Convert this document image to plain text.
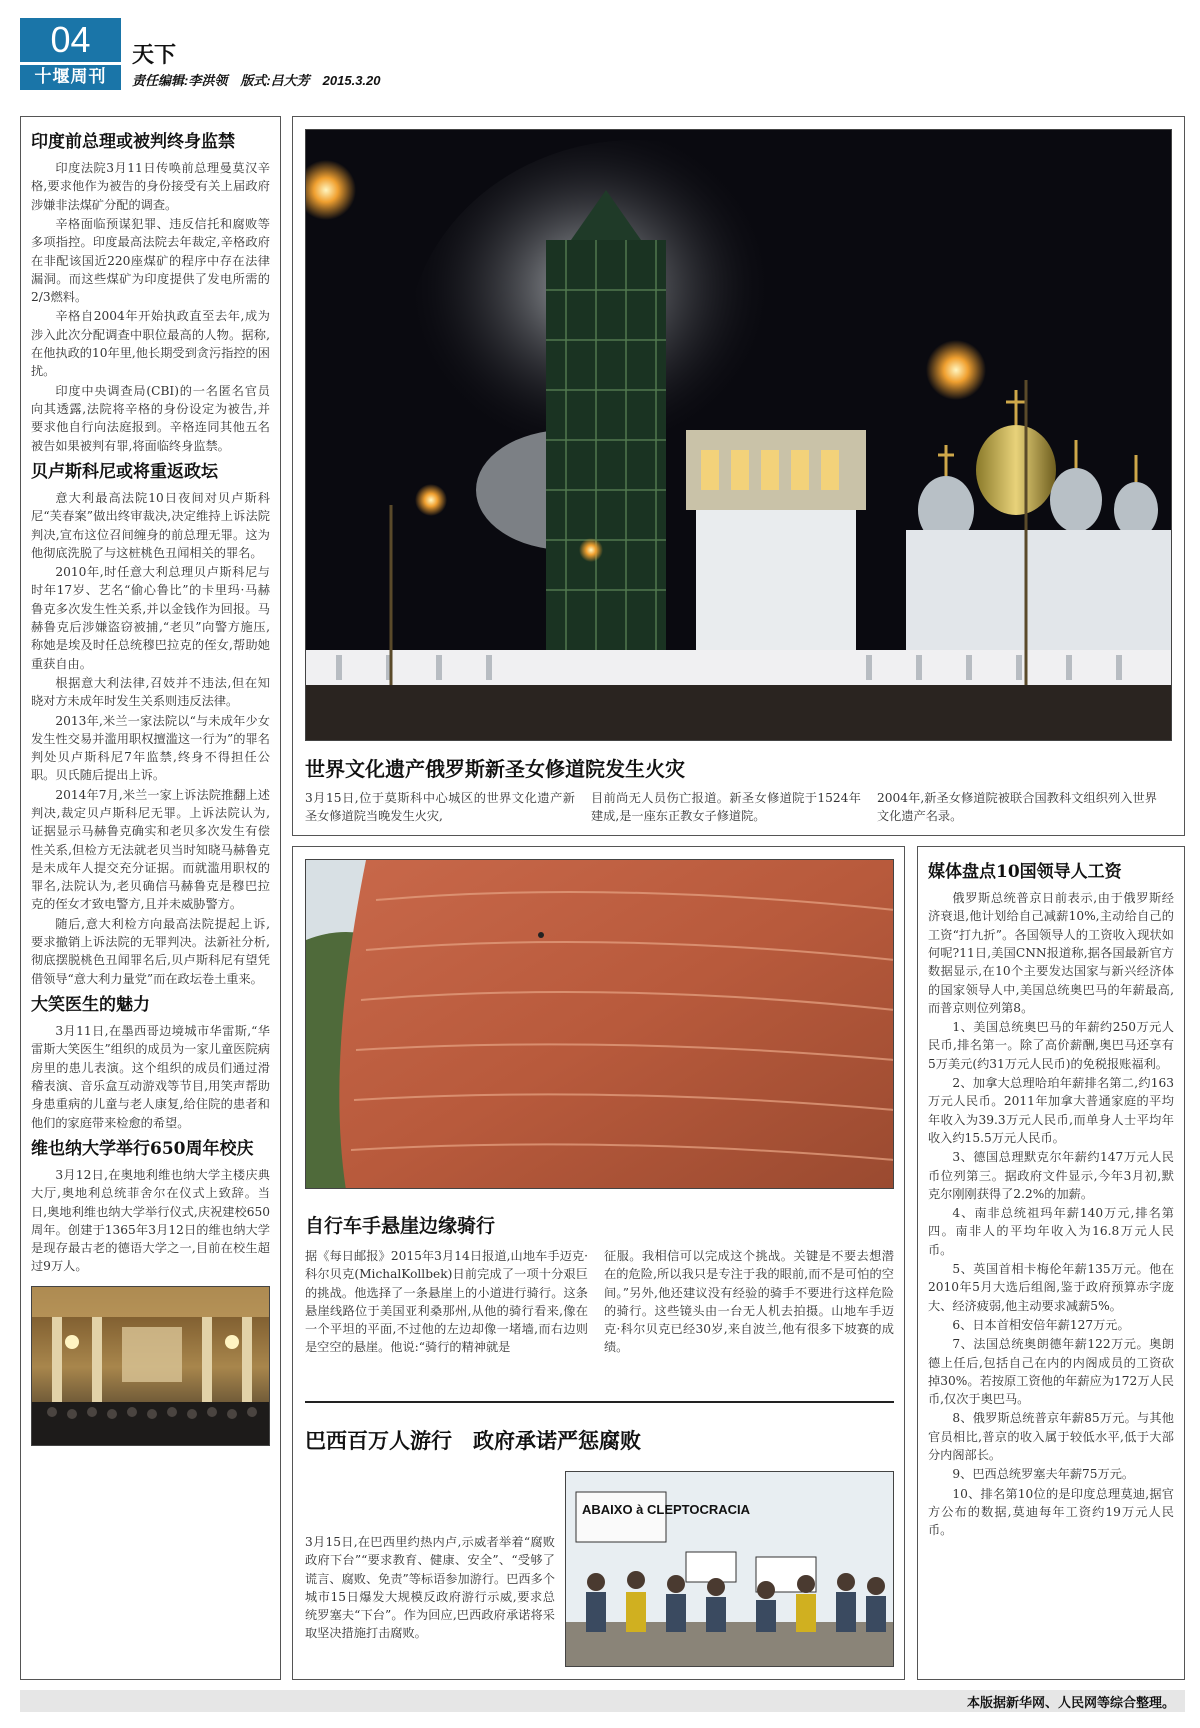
04
十堰周刊
天下
责任编辑:李洪领　版式:吕大芳　2015.3.20
印度前总理或被判终身监禁

印度法院3月11日传唤前总理曼莫汉辛格,要求他作为被告的身份接受有关上届政府涉嫌非法煤矿分配的调查。

辛格面临预谋犯罪、违反信托和腐败等多项指控。印度最高法院去年裁定,辛格政府在非配该国近220座煤矿的程序中存在法律漏洞。而这些煤矿为印度提供了发电所需的2/3燃料。

辛格自2004年开始执政直至去年,成为涉入此次分配调查中职位最高的人物。据称,在他执政的10年里,他长期受到贪污指控的困扰。

印度中央调查局(CBI)的一名匿名官员向其透露,法院将辛格的身份设定为被告,并要求他自行向法庭报到。辛格连同其他五名被告如果被判有罪,将面临终身监禁。

贝卢斯科尼或将重返政坛

意大利最高法院10日夜间对贝卢斯科尼“芙春案”做出终审裁决,决定维持上诉法院判决,宣布这位召间缠身的前总理无罪。这为他彻底洗脱了与这桩桃色丑闻相关的罪名。

2010年,时任意大利总理贝卢斯科尼与时年17岁、艺名“偷心鲁比”的卡里玛·马赫鲁克多次发生性关系,并以金钱作为回报。马赫鲁克后涉嫌盗窃被捕,“老贝”向警方施压,称她是埃及时任总统穆巴拉克的侄女,帮助她重获自由。

根据意大利法律,召妓并不违法,但在知晓对方未成年时发生关系则违反法律。

2013年,米兰一家法院以“与未成年少女发生性交易并滥用职权擅滥这一行为”的罪名判处贝卢斯科尼7年监禁,终身不得担任公职。贝氏随后提出上诉。

2014年7月,米兰一家上诉法院推翻上述判决,裁定贝卢斯科尼无罪。上诉法院认为,证据显示马赫鲁克确实和老贝多次发生有偿性关系,但检方无法就老贝当时知晓马赫鲁克是未成年人提交充分证据。而就滥用职权的罪名,法院认为,老贝确信马赫鲁克是穆巴拉克的侄女才致电警方,且并未威胁警方。

随后,意大利检方向最高法院提起上诉,要求撤销上诉法院的无罪判决。法新社分析,彻底摆脱桃色丑闻罪名后,贝卢斯科尼有望凭借领导“意大利力量党”而在政坛卷土重来。

大笑医生的魅力

3月11日,在墨西哥边境城市华雷斯,“华雷斯大笑医生”组织的成员为一家儿童医院病房里的患儿表演。这个组织的成员们通过滑稽表演、音乐盒互动游戏等节目,用笑声帮助身患重病的儿童与老人康复,给住院的患者和他们的家庭带来检愈的希望。

维也纳大学举行650周年校庆

3月12日,在奥地利维也纳大学主楼庆典大厅,奥地利总统菲舍尔在仪式上致辞。当日,奥地利维也纳大学举行仪式,庆祝建校650周年。创建于1365年3月12日的维也纳大学是现存最古老的德语大学之一,目前在校生超过9万人。

世界文化遗产俄罗斯新圣女修道院发生火灾
3月15日,位于莫斯科中心城区的世界文化遗产新圣女修道院当晚发生火灾,
目前尚无人员伤亡报道。新圣女修道院于1524年建成,是一座东正教女子修道院。
2004年,新圣女修道院被联合国教科文组织列入世界文化遗产名录。
自行车手悬崖边缘骑行
据《每日邮报》2015年3月14日报道,山地车手迈克·科尔贝克(MichalKollbek)日前完成了一项十分艰巨的挑战。他选择了一条悬崖上的小道进行骑行。这条悬崖线路位于美国亚利桑那州,从他的骑行看来,像在一个平坦的平面,不过他的左边却像一堵墙,而右边则是空空的悬崖。他说:“骑行的精神就是
征服。我相信可以完成这个挑战。关键是不要去想潜在的危险,所以我只是专注于我的眼前,而不是可怕的空间。”另外,他还建议没有经验的骑手不要进行这样危险的骑行。这些镜头由一台无人机去拍摄。山地车手迈克·科尔贝克已经30岁,来自波兰,他有很多下坡赛的成绩。
巴西百万人游行　政府承诺严惩腐败
3月15日,在巴西里约热内卢,示威者举着“腐败政府下台”“要求教育、健康、安全”、“受够了谎言、腐败、免责”等标语参加游行。巴西多个城市15日爆发大规模反政府游行示威,要求总统罗塞夫“下台”。作为回应,巴西政府承诺将采取坚决措施打击腐败。
ABAIXO à CLEPTOCRACIA
媒体盘点10国领导人工资

俄罗斯总统普京日前表示,由于俄罗斯经济衰退,他计划给自己减薪10%,主动给自己的工资“打九折”。各国领导人的工资收入现状如何呢?11日,美国CNN报道称,据各国最新官方数据显示,在10个主要发达国家与新兴经济体的国家领导人中,美国总统奥巴马的年薪最高,而普京则位列第8。

1、美国总统奥巴马的年薪约250万元人民币,排名第一。除了高价薪酬,奥巴马还享有5万美元(约31万元人民币)的免税报账福利。

2、加拿大总理哈珀年薪排名第二,约163万元人民币。2011年加拿大普通家庭的平均年收入为39.3万元人民币,而单身人士平均年收入约15.5万元人民币。

3、德国总理默克尔年薪约147万元人民币位列第三。据政府文件显示,今年3月初,默克尔刚刚获得了2.2%的加薪。

4、南非总统祖玛年薪140万元,排名第四。南非人的平均年收入为16.8万元人民币。

5、英国首相卡梅伦年薪135万元。他在2010年5月大选后组阁,鉴于政府预算赤字庞大、经济疲弱,他主动要求减薪5%。

6、日本首相安倍年薪127万元。

7、法国总统奥朗德年薪122万元。奥朗德上任后,包括自己在内的内阁成员的工资砍掉30%。若按原工资他的年薪应为172万人民币,仅次于奥巴马。

8、俄罗斯总统普京年薪85万元。与其他官员相比,普京的收入属于较低水平,低于大部分内阁部长。

9、巴西总统罗塞夫年薪75万元。

10、排名第10位的是印度总理莫迪,据官方公布的数据,莫迪每年工资约19万元人民币。

本版据新华网、人民网等综合整理。
